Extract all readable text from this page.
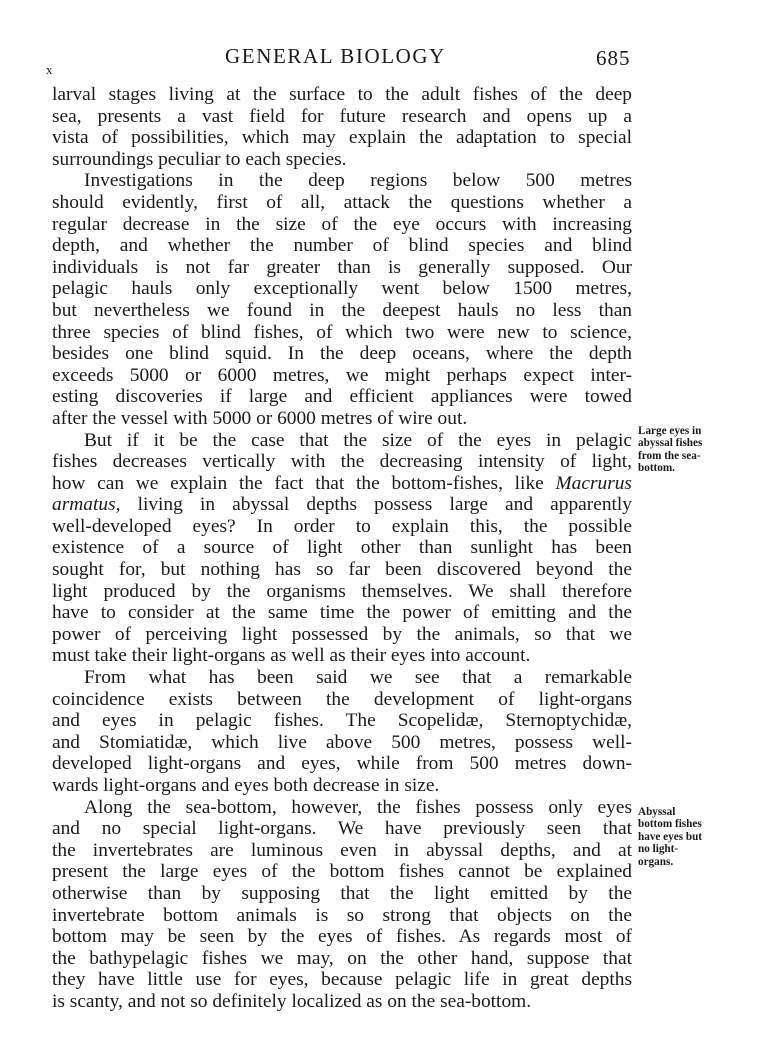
x
GENERAL BIOLOGY	685
larval stages living at the surface to the adult fishes of the deep
sea, presents a vast field for future research and opens up a
vista of possibilities, which may explain the adaptation to special
surroundings peculiar to each species.
Investigations in the deep regions below 500 metres
should evidently, first of all, attack the questions whether a
regular decrease in the size of the eye occurs with increasing
depth, and whether the number of blind species and blind
individuals is not far greater than is generally supposed. Our
pelagic hauls only exceptionally went below 1500 metres,
but nevertheless we found in the deepest hauls no less than
three species of blind fishes, of which two were new to science,
besides one blind squid. In the deep oceans, where the depth
exceeds 5000 or 6000 metres, we might perhaps expect inter-
esting discoveries if large and efficient appliances were towed
after the vessel with 5000 or 6000 metres of wire out.
But if it be the case that the size of the eyes in pelagic
fishes decreases vertically with the decreasing intensity of light,
how can we explain the fact that the bottom-fishes, like Macrurus
armatus, living in abyssal depths possess large and apparently
well-developed eyes? In order to explain this, the possible
existence of a source of light other than sunlight has been
sought for, but nothing has so far been discovered beyond the
light produced by the organisms themselves. We shall therefore
have to consider at the same time the power of emitting and the
power of perceiving light possessed by the animals, so that we
must take their light-organs as well as their eyes into account.
From what has been said we see that a remarkable
coincidence exists between the development of light-organs
and eyes in pelagic fishes. The Scopelidæ, Sternoptychidæ,
and Stomiatidæ, which live above 500 metres, possess well-
developed light-organs and eyes, while from 500 metres down-
wards light-organs and eyes both decrease in size.
Along the sea-bottom, however, the fishes possess only eyes
and no special light-organs. We have previously seen that
the invertebrates are luminous even in abyssal depths, and at
present the large eyes of the bottom fishes cannot be explained
otherwise than by supposing that the light emitted by the
invertebrate bottom animals is so strong that objects on the
bottom may be seen by the eyes of fishes. As regards most of
the bathypelagic fishes we may, on the other hand, suppose that
they have little use for eyes, because pelagic life in great depths
is scanty, and not so definitely localized as on the sea-bottom.
Large eyes in
abyssal fishes
from the sea-
bottom.
Abyssal
bottom fishes
have eyes but
no light-
organs.
